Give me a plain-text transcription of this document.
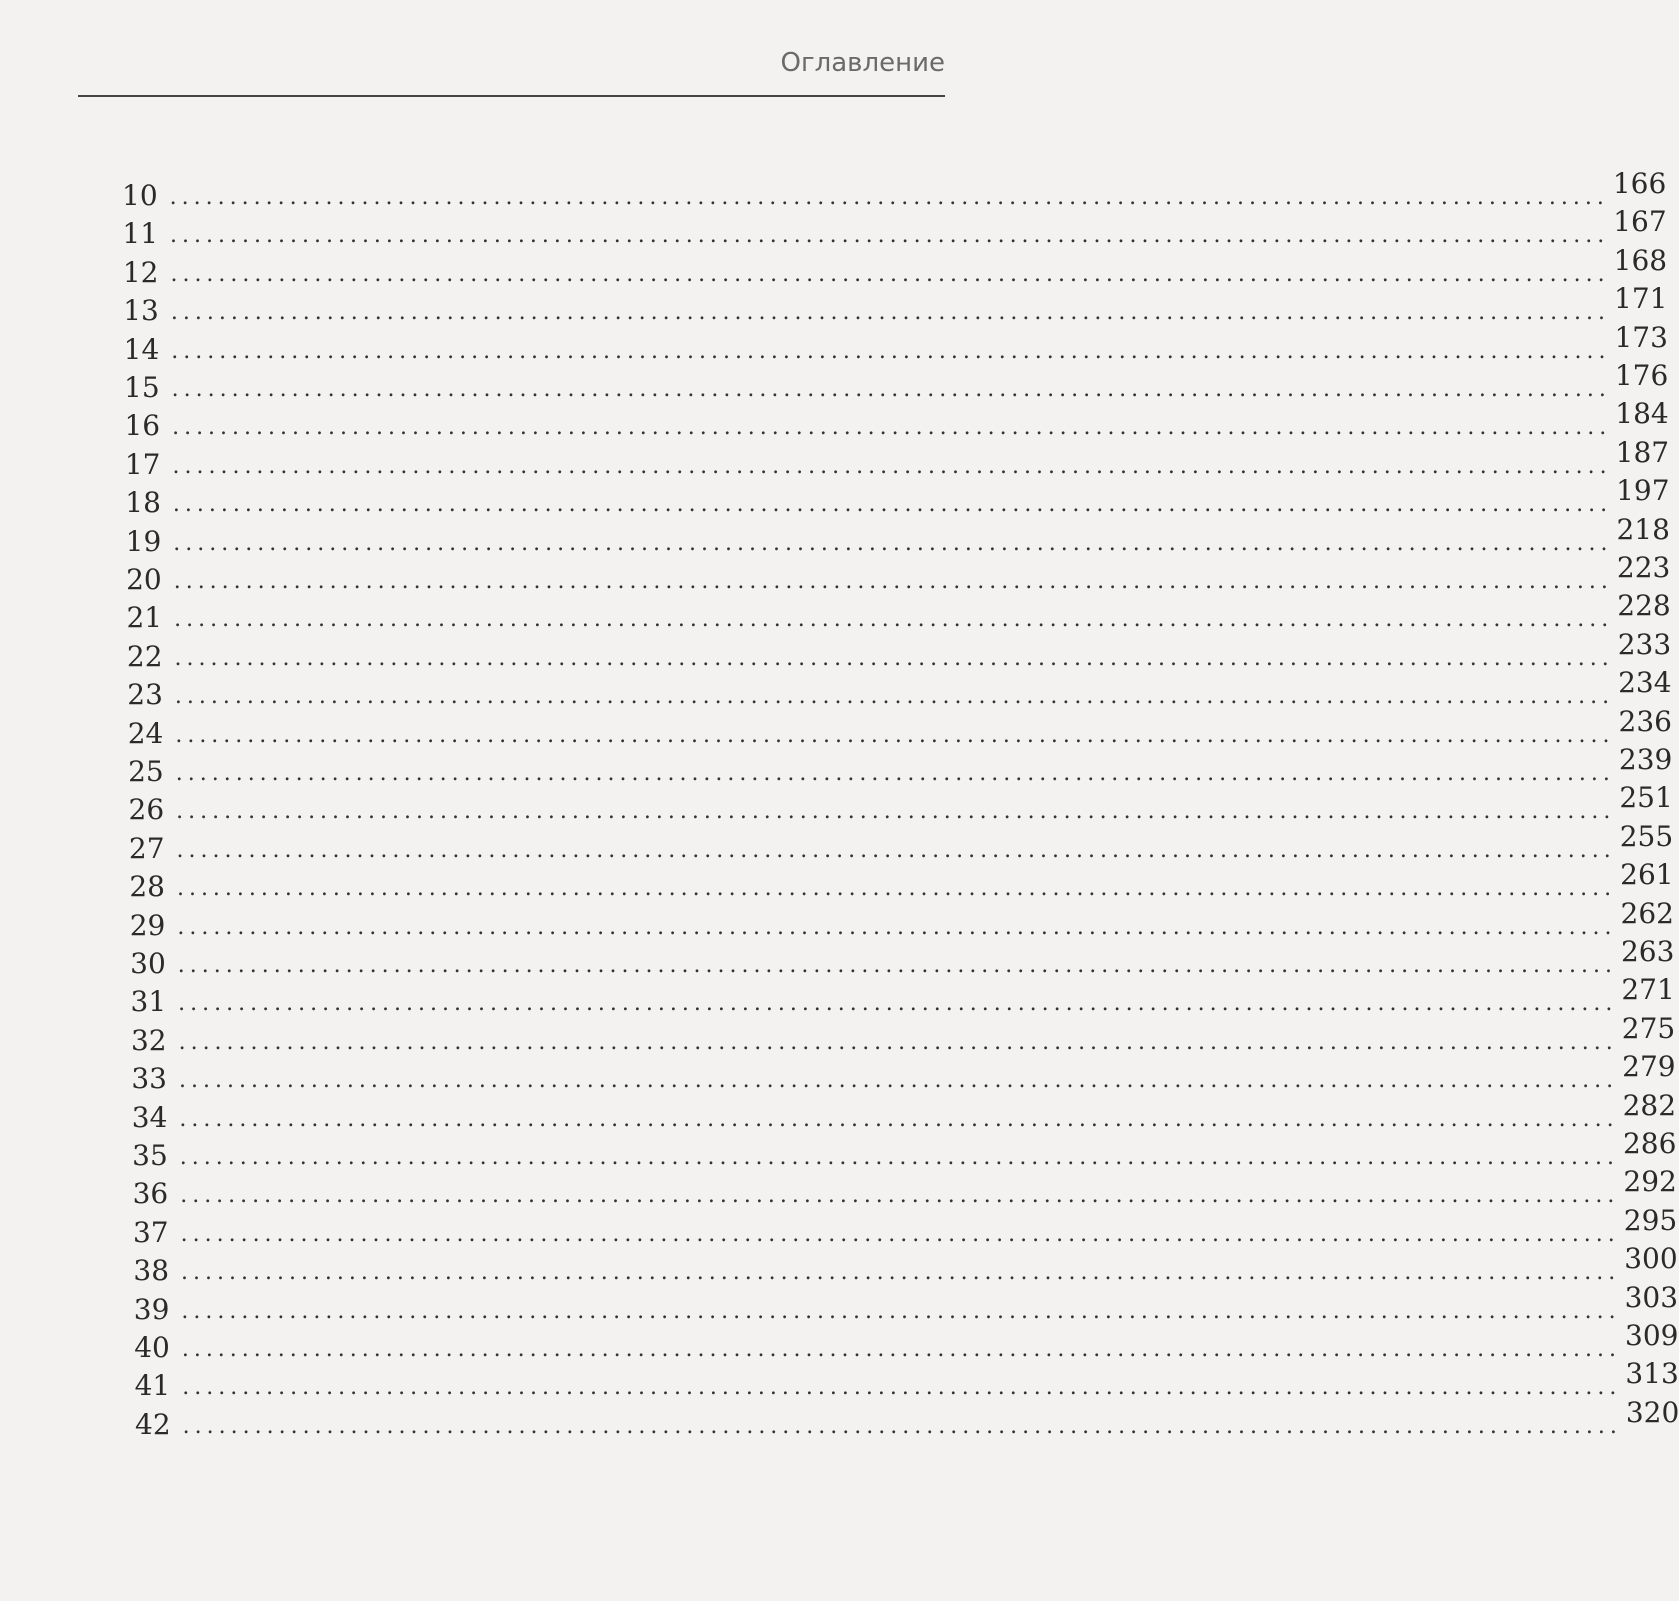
Оглавление
10 ........................................................................................................................ 166
11 ........................................................................................................................ 167
12 ........................................................................................................................ 168
13 ........................................................................................................................ 171
14 ........................................................................................................................ 173
15 ........................................................................................................................ 176
16 ........................................................................................................................ 184
17 ........................................................................................................................ 187
18 ........................................................................................................................ 197
19 ........................................................................................................................ 218
20 ........................................................................................................................ 223
21 ........................................................................................................................ 228
22 ........................................................................................................................ 233
23 ........................................................................................................................ 234
24 ........................................................................................................................ 236
25 ........................................................................................................................ 239
26 ........................................................................................................................ 251
27 ........................................................................................................................ 255
28 ........................................................................................................................ 261
29 ........................................................................................................................ 262
30 ........................................................................................................................ 263
31 ........................................................................................................................ 271
32 ........................................................................................................................ 275
33 ........................................................................................................................ 279
34 ........................................................................................................................ 282
35 ........................................................................................................................ 286
36 ........................................................................................................................ 292
37 ........................................................................................................................ 295
38 ........................................................................................................................ 300
39 ........................................................................................................................ 303
40 ........................................................................................................................ 309
41 ........................................................................................................................ 313
42 ........................................................................................................................ 320
